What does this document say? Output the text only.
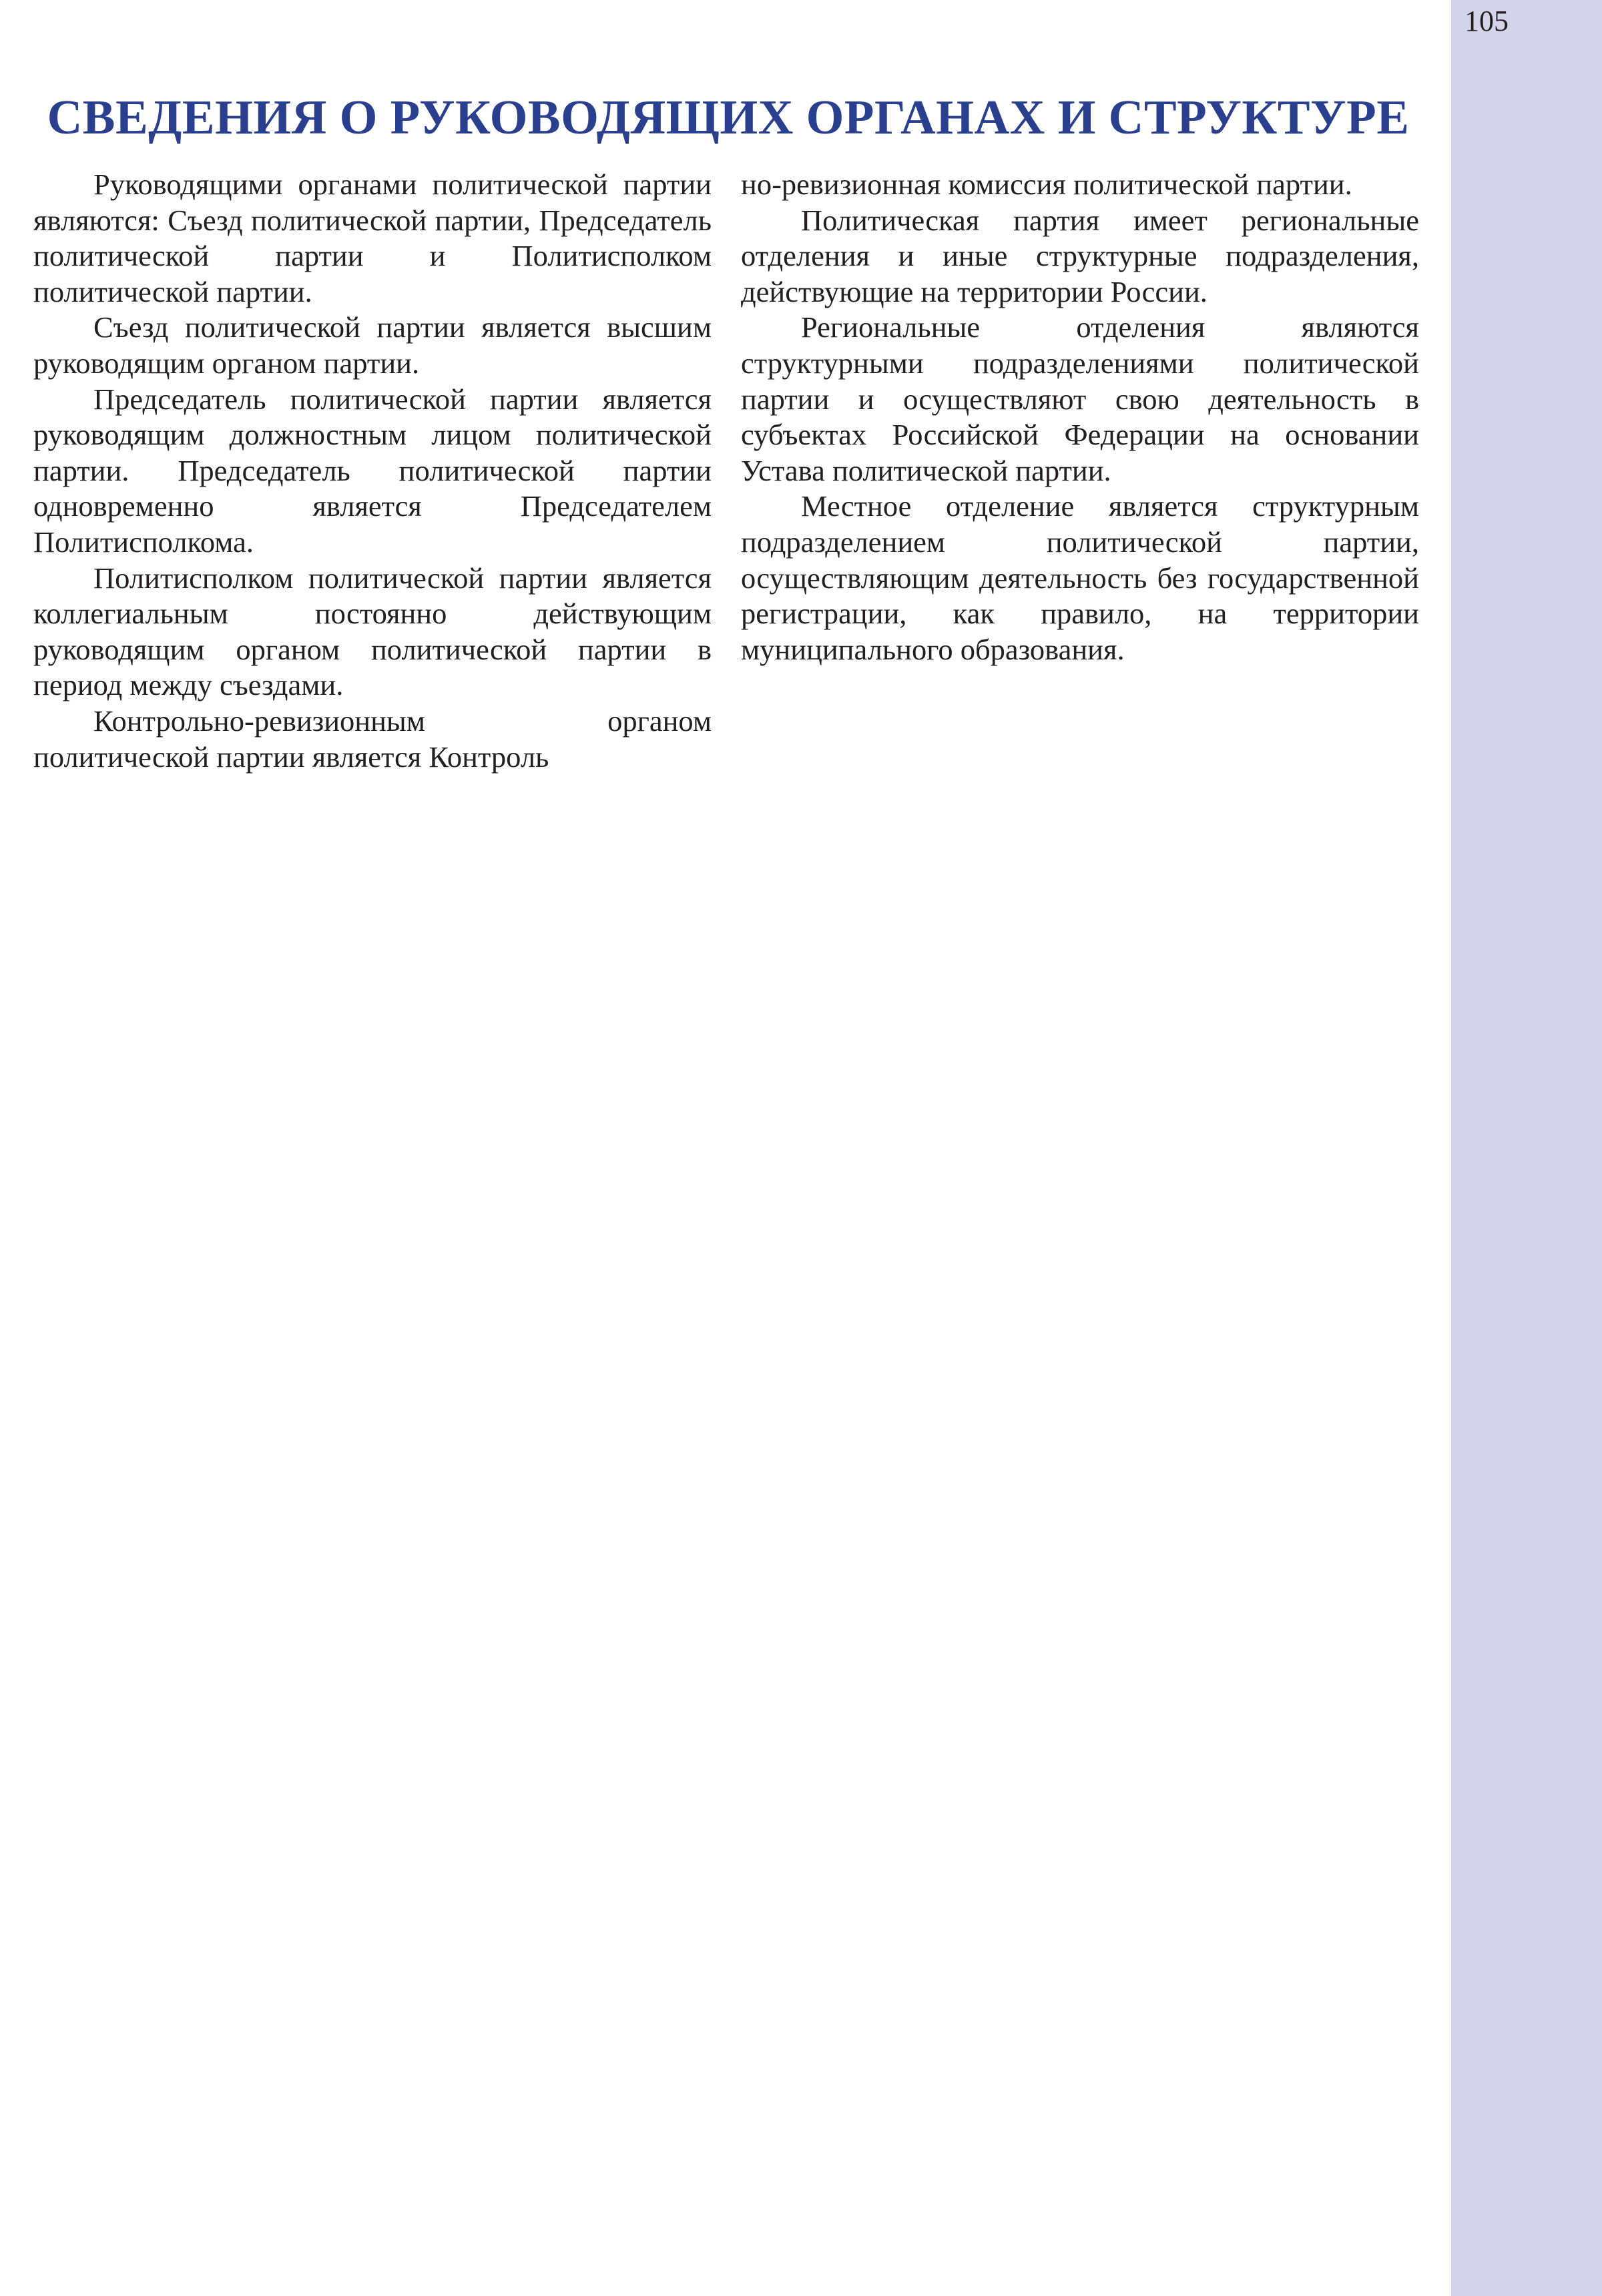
105
СВЕДЕНИЯ О РУКОВОДЯЩИХ ОРГАНАХ И СТРУКТУРЕ

Руководящими органами политической партии являются: Съезд политической партии, Председатель политической партии и Политисполком политической партии.

Съезд политической партии является высшим руководящим органом партии.

Председатель политической партии является руководящим должностным лицом политической партии. Председатель политической партии одновременно является Председателем Политисполкома.

Политисполком политической партии является коллегиальным постоянно действующим руководящим органом политической партии в период между съездами.

Контрольно-ревизионным органом политической партии является Контроль

но-ревизионная комиссия политической партии.

Политическая партия имеет региональные отделения и иные структурные подразделения, действующие на территории России.

Региональные отделения являются структурными подразделениями политической партии и осуществляют свою деятельность в субъектах Российской Федерации на основании Устава политической партии.

Местное отделение является структурным подразделением политической партии, осуществляющим деятельность без государственной регистрации, как правило, на территории муниципального образования.
